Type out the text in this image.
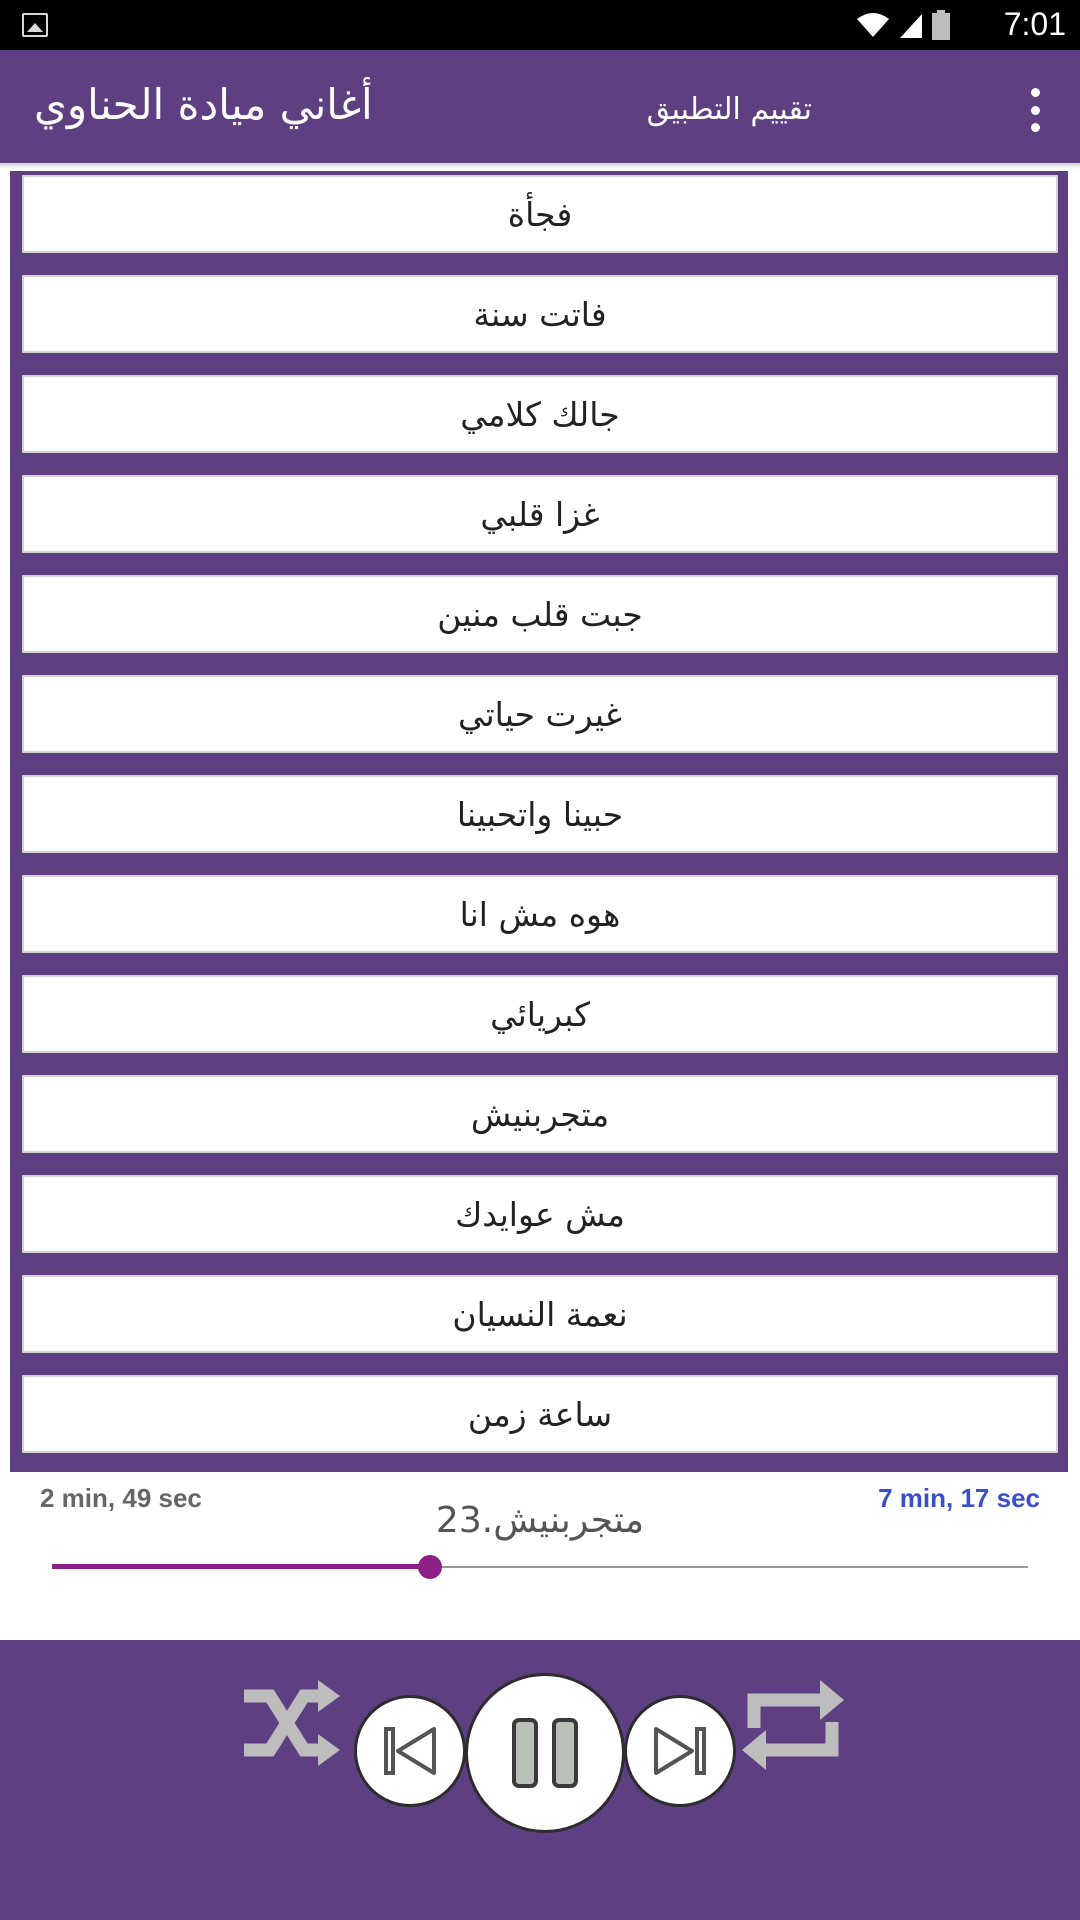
7:01
أغاني ميادة الحناوي	تقييم التطبيق
فجأة
فاتت سنة
جالك كلامي
غزا قلبي
جبت قلب منين
غيرت حياتي
حبينا واتحبينا
هوه مش انا
كبريائي
متجربنيش
مش عوايدك
نعمة النسيان
ساعة زمن
2 min, 49 sec	7 min, 17 sec
23.متجربنيش
